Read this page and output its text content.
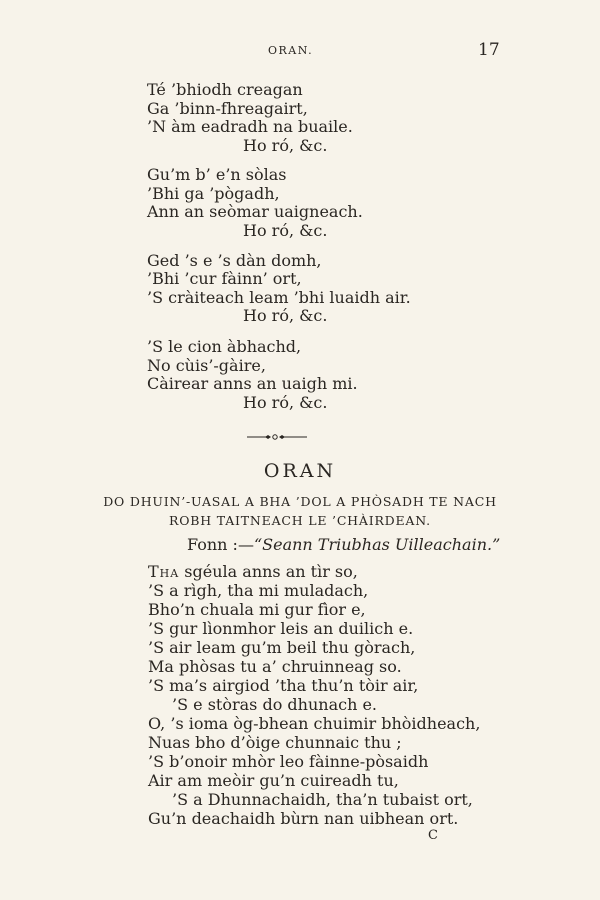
ORAN.	17
Té ’bhiodh creagan
Ga ’binn-fhreagairt,
’N àm eadradh na buaile.
Ho ró, &c.
Gu’m b’ e’n sòlas
’Bhi ga ’pògadh,
Ann an seòmar uaigneach.
Ho ró, &c.
Ged ’s e ’s dàn domh,
’Bhi ’cur fàinn’ ort,
’S cràiteach leam ’bhi luaidh air.
Ho ró, &c.
’S le cion àbhachd,
No cùis’-gàire,
Càirear anns an uaigh mi.
Ho ró, &c.
ORAN
DO DHUIN’-UASAL A BHA ’DOL A PHÒSADH TE NACH
ROBH TAITNEACH LE ’CHÀIRDEAN.
Fonn :—“Seann Triubhas Uilleachain.”
Tha sgéula anns an tìr so,
’S a rìgh, tha mi muladach,
Bho’n chuala mi gur fìor e,
’S gur lìonmhor leis an duilich e.
’S air leam gu’m beil thu gòrach,
Ma phòsas tu a’ chruinneag so.
’S ma’s airgiod ’tha thu’n tòir air,
’S e stòras do dhunach e.
O, ’s ioma òg-bhean chuimir bhòidheach,
Nuas bho d’òige chunnaic thu ;
’S b’onoir mhòr leo fàinne-pòsaidh
Air am meòir gu’n cuireadh tu,
’S a Dhunnachaidh, tha’n tubaist ort,
Gu’n deachaidh bùrn nan uibhean ort.
C
